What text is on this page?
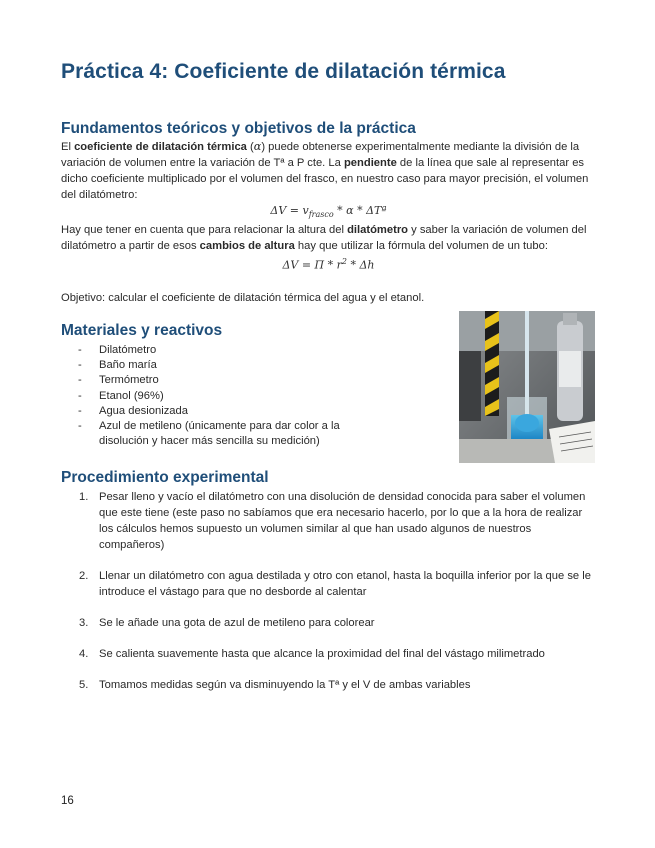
Práctica 4: Coeficiente de dilatación térmica
Fundamentos teóricos y objetivos de la práctica
El coeficiente de dilatación térmica (α) puede obtenerse experimentalmente mediante la división de la variación de volumen entre la variación de Tª a P cte. La pendiente de la línea que sale al representar es dicho coeficiente multiplicado por el volumen del frasco, en nuestro caso para mayor precisión, el volumen del dilatómetro:
$\Delta V = v_{frasco} * \alpha$ * ΔTª
Hay que tener en cuenta que para relacionar la altura del dilatómetro y saber la variación de volumen del dilatómetro a partir de esos cambios de altura hay que utilizar la fórmula del volumen de un tubo:
$\Delta V = \Pi * r^2 * \Delta h$
Objetivo: calcular el coeficiente de dilatación térmica del agua y el etanol.
Materiales y reactivos
- Dilatómetro
- Baño maría
- Termómetro
- Etanol (96%)
- Agua desionizada
- Azul de metileno (únicamente para dar color a la disolución y hacer más sencilla su medición)
Procedimiento experimental
1. Pesar lleno y vacío el dilatómetro con una disolución de densidad conocida para saber el volumen que este tiene (este paso no sabíamos que era necesario hacerlo, por lo que a la hora de realizar los cálculos hemos supuesto un volumen similar al que han usado algunos de nuestros compañeros)
2. Llenar un dilatómetro con agua destilada y otro con etanol, hasta la boquilla inferior por la que se le introduce el vástago para que no desborde al calentar
3. Se le añade una gota de azul de metileno para colorear
4. Se calienta suavemente hasta que alcance la proximidad del final del vástago milimetrado
5. Tomamos medidas según va disminuyendo la Tª y el V de ambas variables
16
